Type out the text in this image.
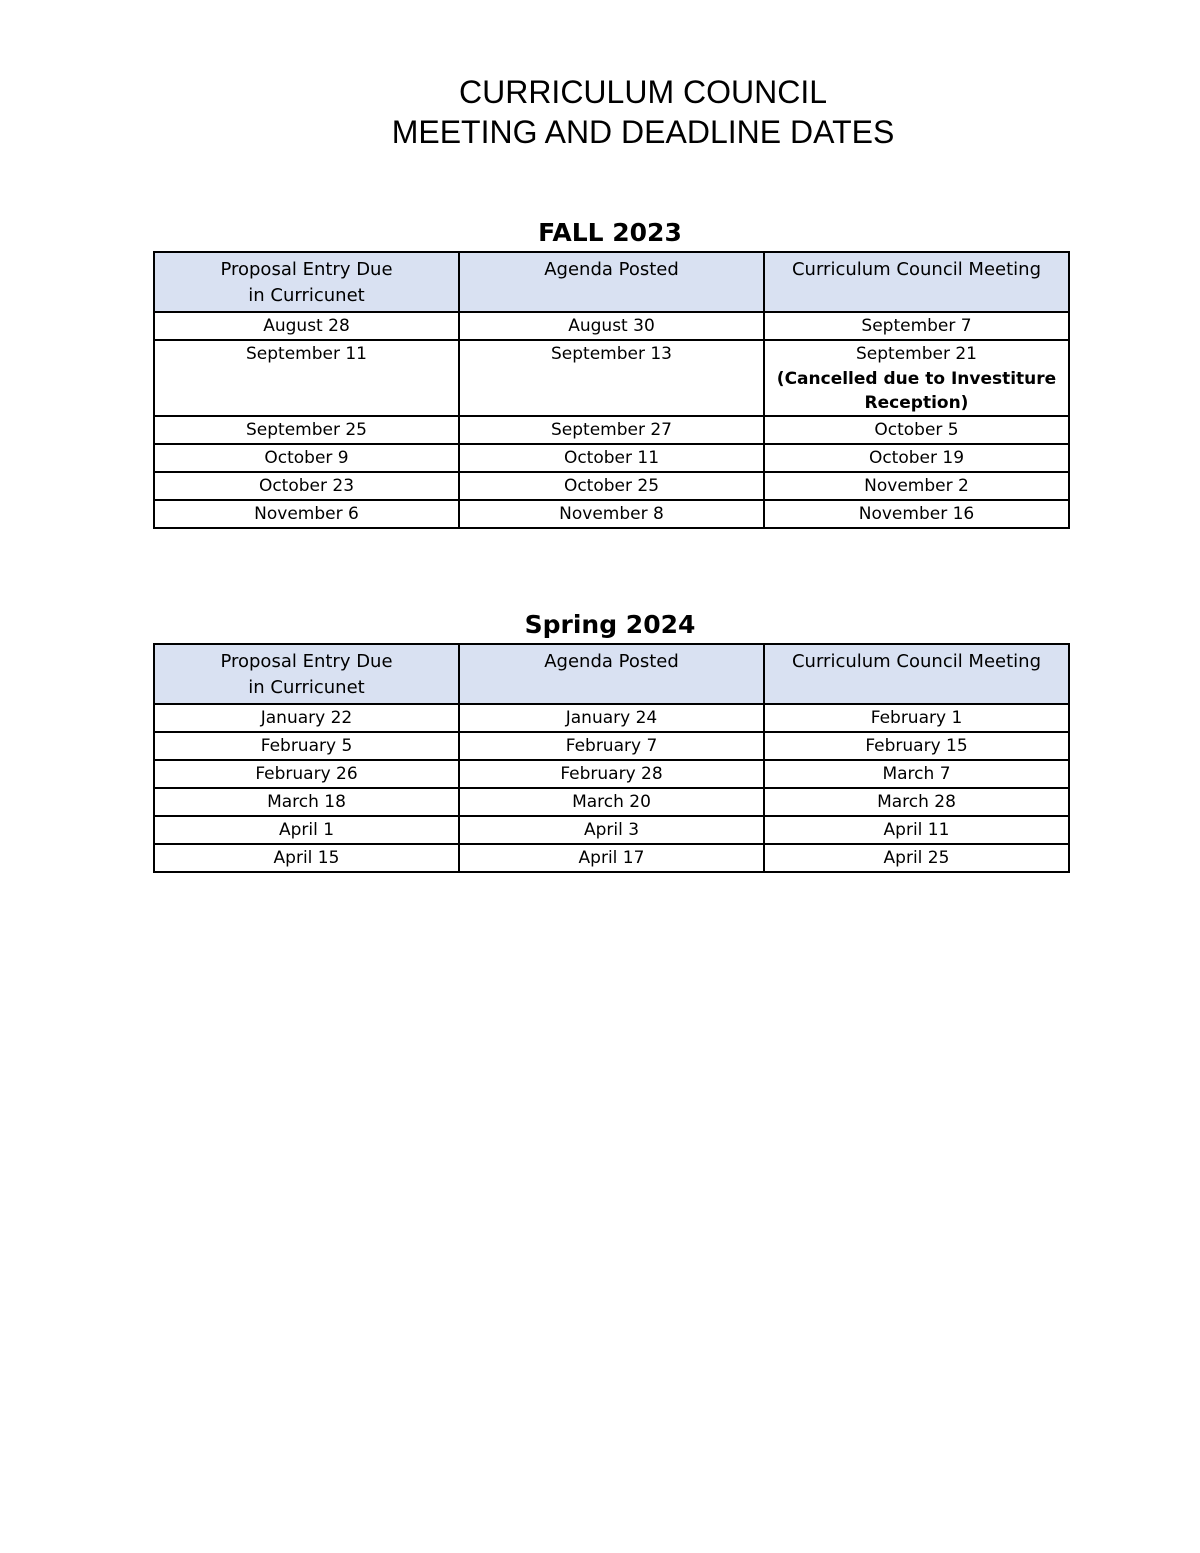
CURRICULUM COUNCIL
MEETING AND DEADLINE DATES
FALL 2023
Proposal Entry Due
in Curricunet	Agenda Posted	Curriculum Council Meeting
August 28	August 30	September 7
September 11	September 13	September 21
(Cancelled due to Investiture Reception)

September 25	September 27	October 5
October 9	October 11	October 19
October 23	October 25	November 2
November 6	November 8	November 16
Spring 2024
Proposal Entry Due
in Curricunet	Agenda Posted	Curriculum Council Meeting
January 22	January 24	February 1
February 5	February 7	February 15
February 26	February 28	March 7
March 18	March 20	March 28
April 1	April 3	April 11
April 15	April 17	April 25
